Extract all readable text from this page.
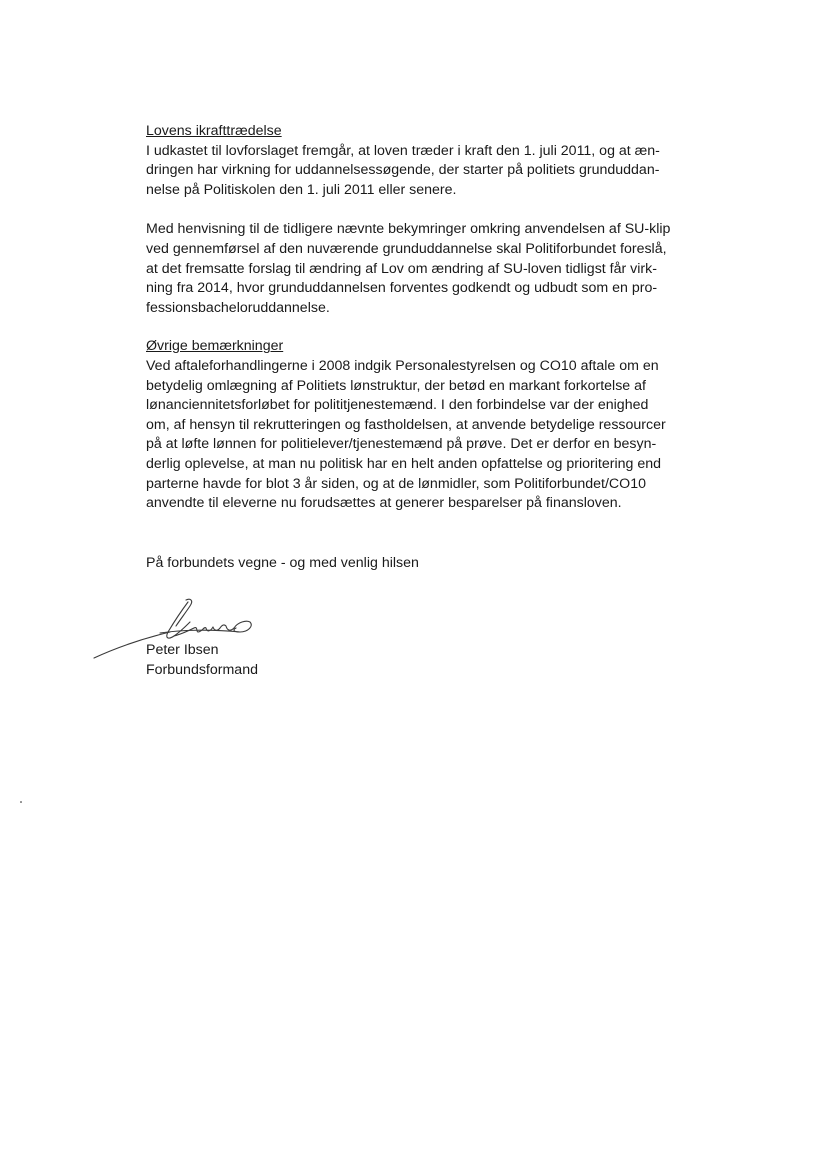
Lovens ikrafttrædelse

I udkastet til lovforslaget fremgår, at loven træder i kraft den 1. juli 2011, og at æn-
dringen har virkning for uddannelsessøgende, der starter på politiets grunduddan-
nelse på Politiskolen den 1. juli 2011 eller senere.
Med henvisning til de tidligere nævnte bekymringer omkring anvendelsen af SU-klip
ved gennemførsel af den nuværende grunduddannelse skal Politiforbundet foreslå,
at det fremsatte forslag til ændring af Lov om ændring af SU-loven tidligst får virk-
ning fra 2014, hvor grunduddannelsen forventes godkendt og udbudt som en pro-
fessionsbacheloruddannelse.

Øvrige bemærkninger

Ved aftaleforhandlingerne i 2008 indgik Personalestyrelsen og CO10 aftale om en
betydelig omlægning af Politiets lønstruktur, der betød en markant forkortelse af
lønanciennitetsforløbet for polititjenestemænd. I den forbindelse var der enighed
om, af hensyn til rekrutteringen og fastholdelsen, at anvende betydelige ressourcer
på at løfte lønnen for politielever/tjenestemænd på prøve. Det er derfor en besyn-
derlig oplevelse, at man nu politisk har en helt anden opfattelse og prioritering end
parterne havde for blot 3 år siden, og at de lønmidler, som Politiforbundet/CO10
anvendte til eleverne nu forudsættes at generer besparelser på finansloven.
På forbundets vegne - og med venlig hilsen
Peter Ibsen
Forbundsformand
